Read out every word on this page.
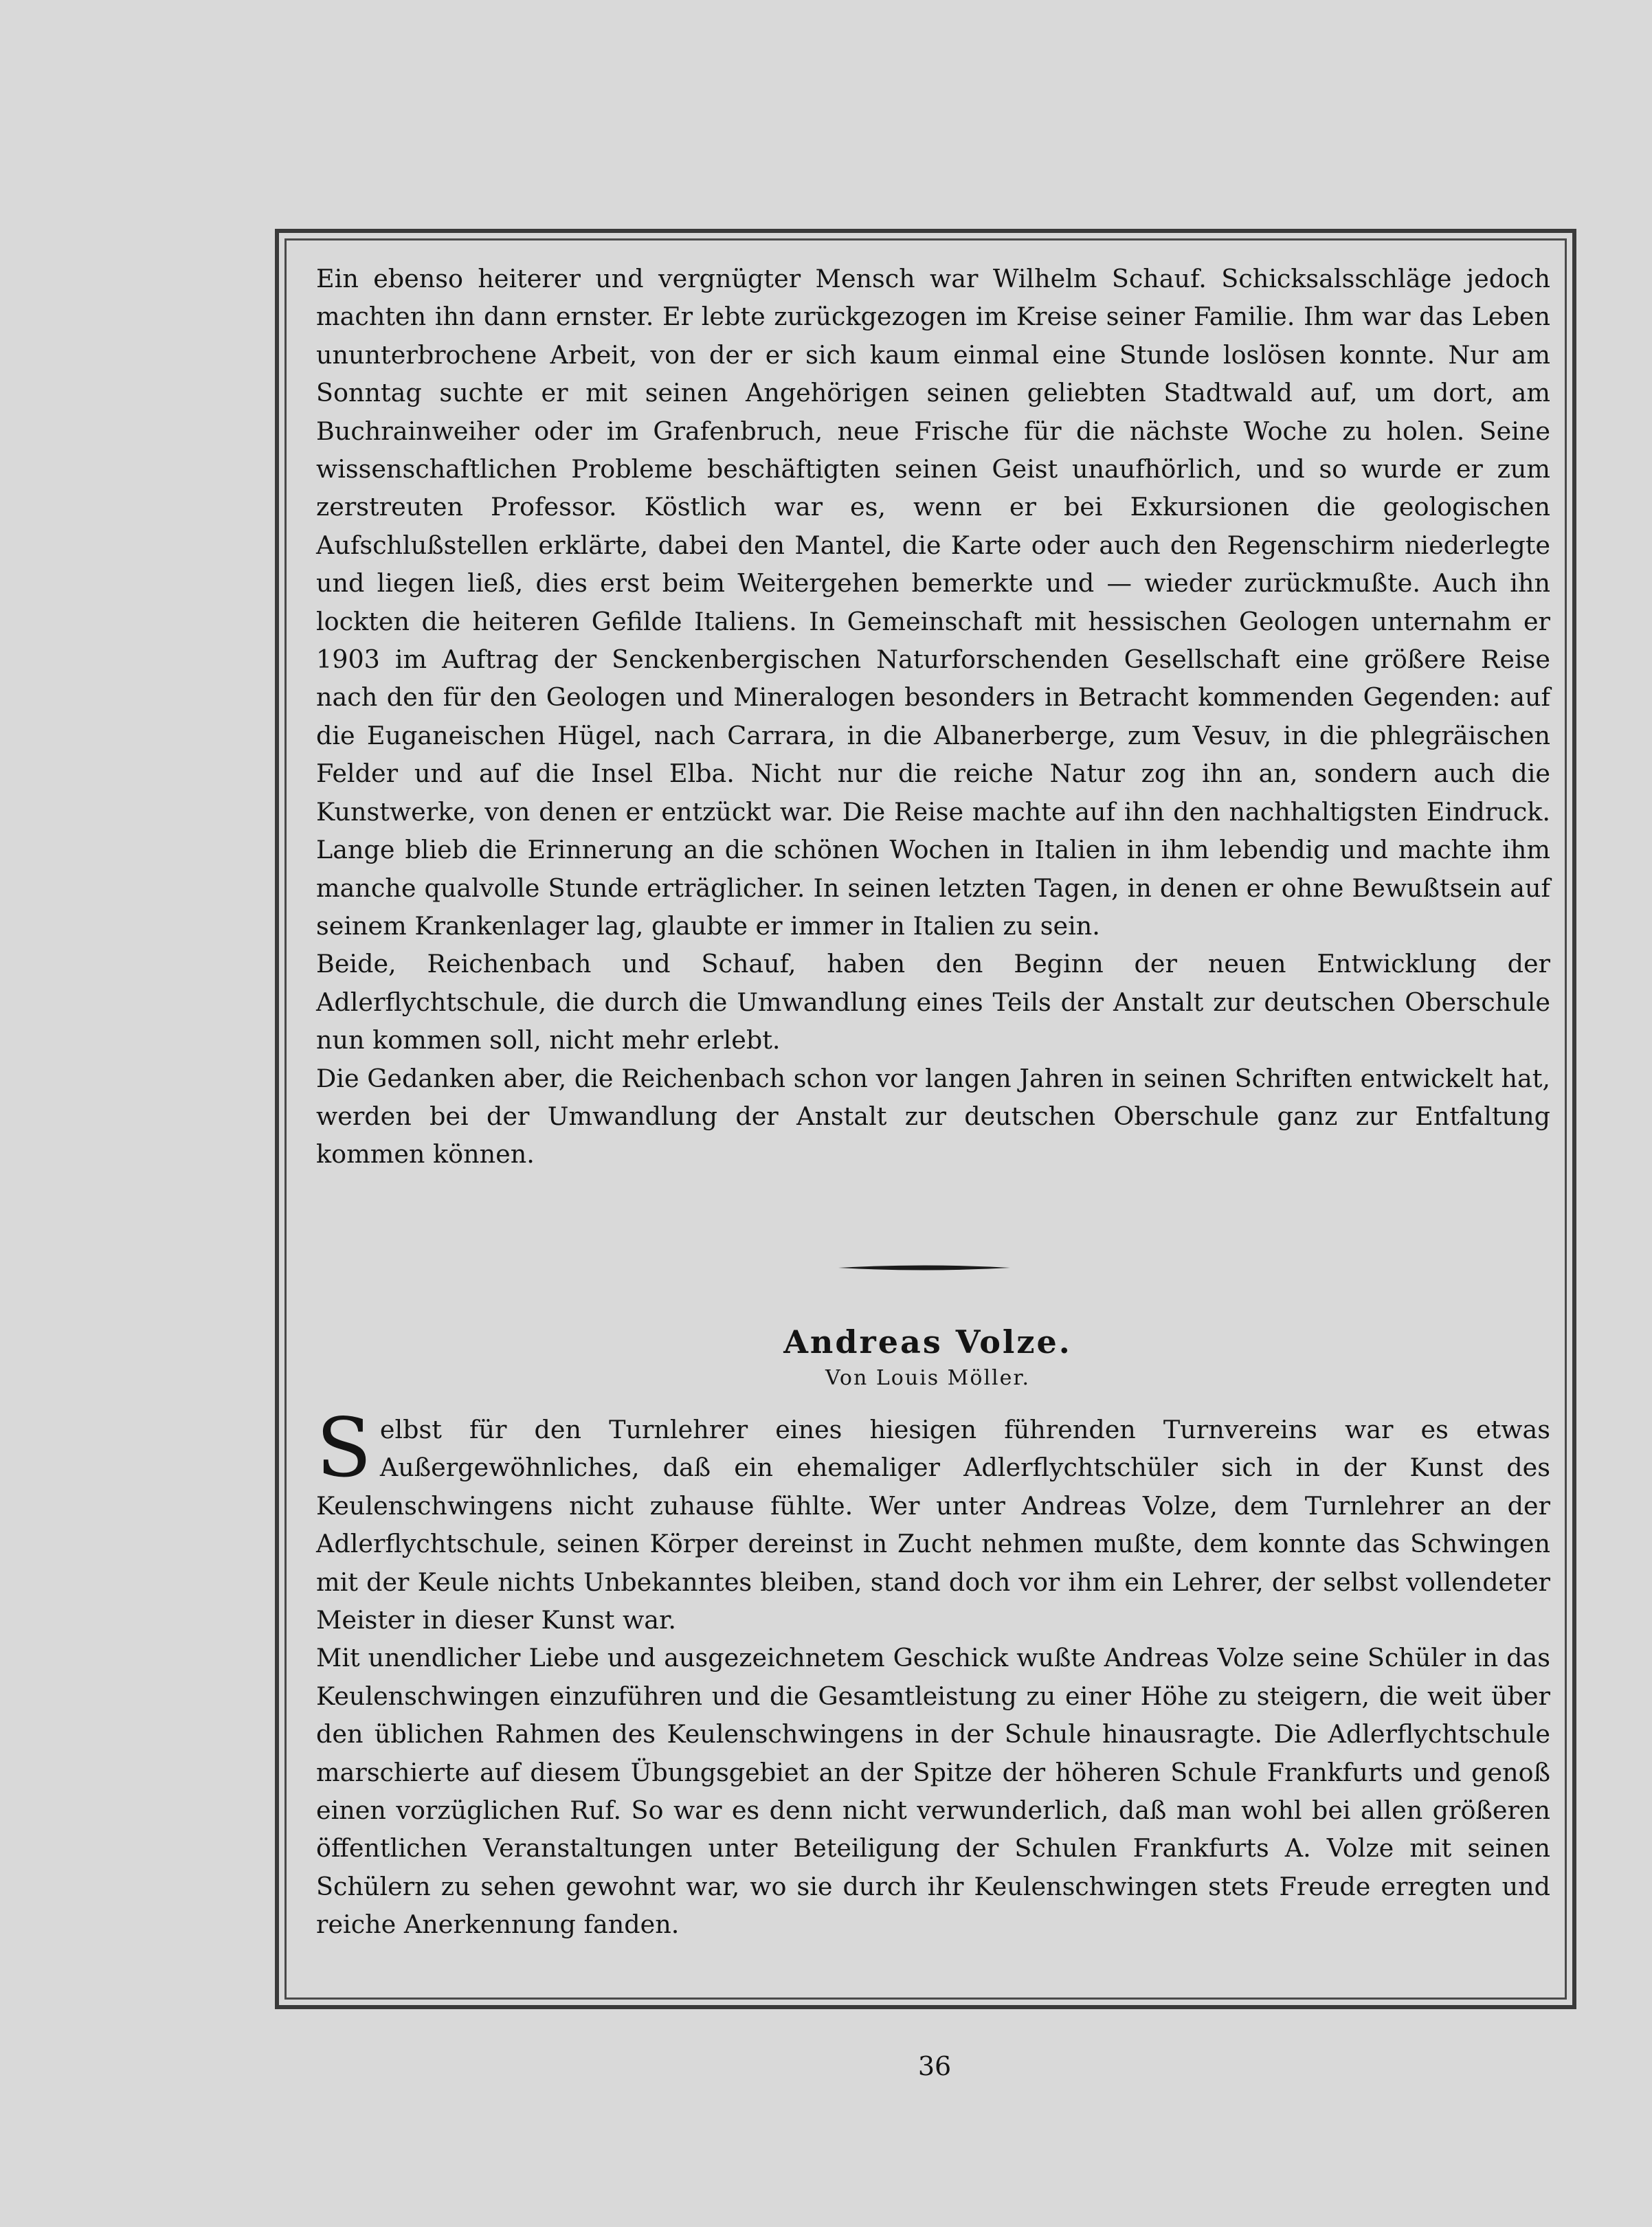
Ein ebenso heiterer und vergnügter Mensch war Wilhelm Schauf. Schicksalsschläge jedoch machten ihn dann ernster. Er lebte zurückgezogen im Kreise seiner Familie. Ihm war das Leben ununterbrochene Arbeit, von der er sich kaum einmal eine Stunde loslösen konnte. Nur am Sonntag suchte er mit seinen Angehörigen seinen geliebten Stadtwald auf, um dort, am Buchrainweiher oder im Grafenbruch, neue Frische für die nächste Woche zu holen. Seine wissenschaftlichen Probleme beschäftigten seinen Geist unaufhörlich, und so wurde er zum zerstreuten Professor. Köstlich war es, wenn er bei Exkursionen die geologischen Aufschlußstellen erklärte, dabei den Mantel, die Karte oder auch den Regenschirm niederlegte und liegen ließ, dies erst beim Weitergehen bemerkte und — wieder zurückmußte. Auch ihn lockten die heiteren Gefilde Italiens. In Gemeinschaft mit hessischen Geologen unternahm er 1903 im Auftrag der Senckenbergischen Naturforschenden Gesellschaft eine größere Reise nach den für den Geologen und Mineralogen besonders in Betracht kommenden Gegenden: auf die Euganeischen Hügel, nach Carrara, in die Albanerberge, zum Vesuv, in die phlegräischen Felder und auf die Insel Elba. Nicht nur die reiche Natur zog ihn an, sondern auch die Kunstwerke, von denen er entzückt war. Die Reise machte auf ihn den nachhaltigsten Eindruck. Lange blieb die Erinnerung an die schönen Wochen in Italien in ihm lebendig und machte ihm manche qualvolle Stunde erträglicher. In seinen letzten Tagen, in denen er ohne Bewußtsein auf seinem Krankenlager lag, glaubte er immer in Italien zu sein.

Beide, Reichenbach und Schauf, haben den Beginn der neuen Entwicklung der Adlerflychtschule, die durch die Umwandlung eines Teils der Anstalt zur deutschen Oberschule nun kommen soll, nicht mehr erlebt.

Die Gedanken aber, die Reichenbach schon vor langen Jahren in seinen Schriften entwickelt hat, werden bei der Umwandlung der Anstalt zur deutschen Oberschule ganz zur Entfaltung kommen können.

Andreas Volze.

Von Louis Möller.

Selbst für den Turnlehrer eines hiesigen führenden Turnvereins war es etwas Außergewöhnliches, daß ein ehemaliger Adlerflychtschüler sich in der Kunst des Keulenschwingens nicht zuhause fühlte. Wer unter Andreas Volze, dem Turnlehrer an der Adlerflychtschule, seinen Körper dereinst in Zucht nehmen mußte, dem konnte das Schwingen mit der Keule nichts Unbekanntes bleiben, stand doch vor ihm ein Lehrer, der selbst vollendeter Meister in dieser Kunst war.

Mit unendlicher Liebe und ausgezeichnetem Geschick wußte Andreas Volze seine Schüler in das Keulenschwingen einzuführen und die Gesamtleistung zu einer Höhe zu steigern, die weit über den üblichen Rahmen des Keulenschwingens in der Schule hinausragte. Die Adlerflychtschule marschierte auf diesem Übungsgebiet an der Spitze der höheren Schule Frankfurts und genoß einen vorzüglichen Ruf. So war es denn nicht verwunderlich, daß man wohl bei allen größeren öffentlichen Veranstaltungen unter Beteiligung der Schulen Frankfurts A. Volze mit seinen Schülern zu sehen gewohnt war, wo sie durch ihr Keulenschwingen stets Freude erregten und reiche Anerkennung fanden.

36
